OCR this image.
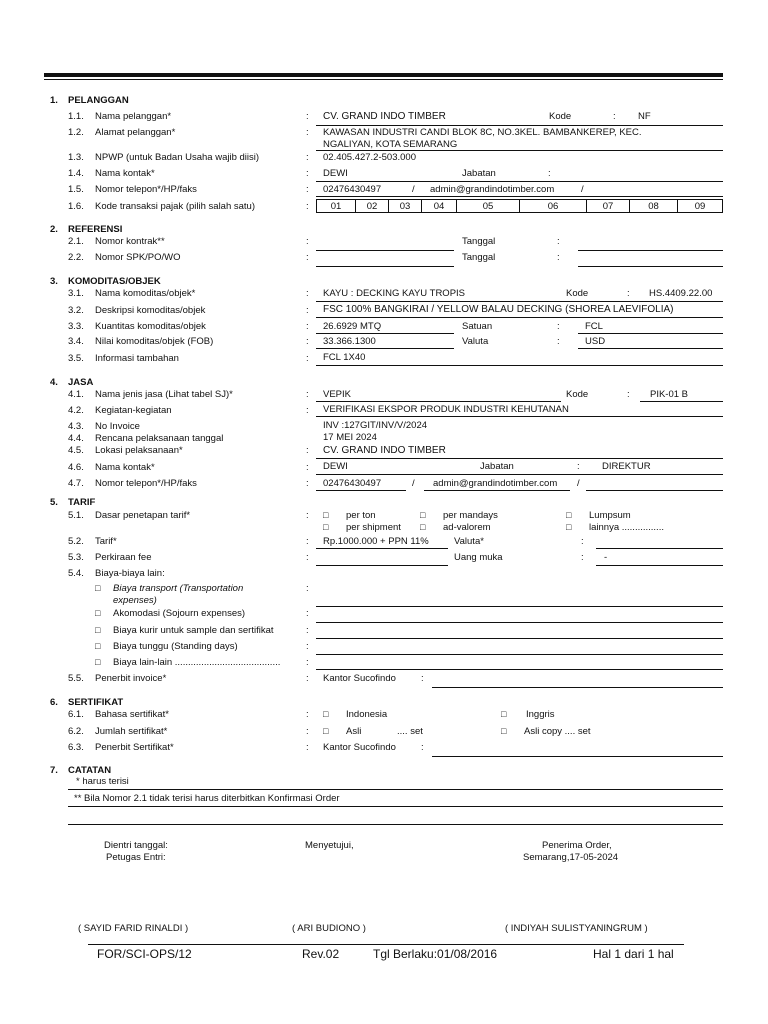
1. PELANGGAN
1.1. Nama pelanggan*	: CV. GRAND INDO TIMBER	Kode	: NF
1.2. Alamat pelanggan*	: KAWASAN INDUSTRI CANDI BLOK 8C, NO.3KEL. BAMBANKEREP, KEC.
NGALIYAN, KOTA SEMARANG
1.3. NPWP (untuk Badan Usaha wajib diisi)	: 02.405.427.2-503.000
1.4. Nama kontak*	: DEWI	Jabatan	:
1.5. Nomor telepon*/HP/faks	: 02476430497	/ admin@grandindotimber.com	/
1.6. Kode transaksi pajak (pilih salah satu)	:	01	02	03	04	05	06	07	08	09
2. REFERENSI
2.1. Nomor kontrak**	:	Tanggal	:
2.2. Nomor SPK/PO/WO	:	Tanggal	:
3. KOMODITAS/OBJEK
3.1. Nama komoditas/objek*	: KAYU : DECKING KAYU TROPIS	Kode	: HS.4409.22.00
3.2. Deskripsi komoditas/objek	: FSC 100% BANGKIRAI / YELLOW BALAU DECKING (SHOREA LAEVIFOLIA)
3.3. Kuantitas komoditas/objek	: 26.6929 MTQ	Satuan	:	FCL
3.4. Nilai komoditas/objek (FOB)	: 33.366.1300	Valuta	:	USD
3.5. Informasi tambahan	: FCL 1X40
4. JASA
4.1. Nama jenis jasa (Lihat tabel SJ)*	: VEPIK	Kode	: PIK-01 B
4.2. Kegiatan-kegiatan	: VERIFIKASI EKSPOR PRODUK INDUSTRI KEHUTANAN
4.3. No Invoice	INV :127GIT/INV/V/2024
4.4. Rencana pelaksanaan tanggal	17 MEI 2024
4.5. Lokasi pelaksanaan*	: CV. GRAND INDO TIMBER
4.6. Nama kontak*	: DEWI	Jabatan	: DIREKTUR
4.7. Nomor telepon*/HP/faks	: 02476430497	/ admin@grandindotimber.com /
5. TARIF
5.1. Dasar penetapan tarif*	: □ per ton	□ per mandays	□ Lumpsum
□ per shipment □ ad-valorem	□ lainnya ................
5.2. Tarif*	: Rp.1000.000 + PPN 11%	Valuta*	:
5.3. Perkiraan fee	:	Uang muka	: -
5.4. Biaya-biaya lain:
□ Biaya transport (Transportation
expenses)
:
□ Akomodasi (Sojourn expenses)	:
□ Biaya kurir untuk sample dan sertifikat	:
□ Biaya tunggu (Standing days)	:
□ Biaya lain-lain ........................................	:
5.5. Penerbit invoice*	: Kantor Sucofindo	:
6. SERTIFIKAT
6.1. Bahasa sertifikat*	: □ Indonesia	□ Inggris
6.2. Jumlah sertifikat*	: □ Asli	.... set	□ Asli copy .... set
6.3. Penerbit Sertifikat*	: Kantor Sucofindo	:
7. CATATAN
* harus terisi
** Bila Nomor 2.1 tidak terisi harus diterbitkan Konfirmasi Order
Dientri tanggal:
Petugas Entri:
Menyetujui,	Penerima Order,
Semarang,17-05-2024
( SAYID FARID RINALDI )	( ARI BUDIONO )	( INDIYAH SULISTYANINGRUM )
FOR/SCI-OPS/12	Rev.02	Tgl Berlaku:01/08/2016	Hal 1 dari 1 hal
